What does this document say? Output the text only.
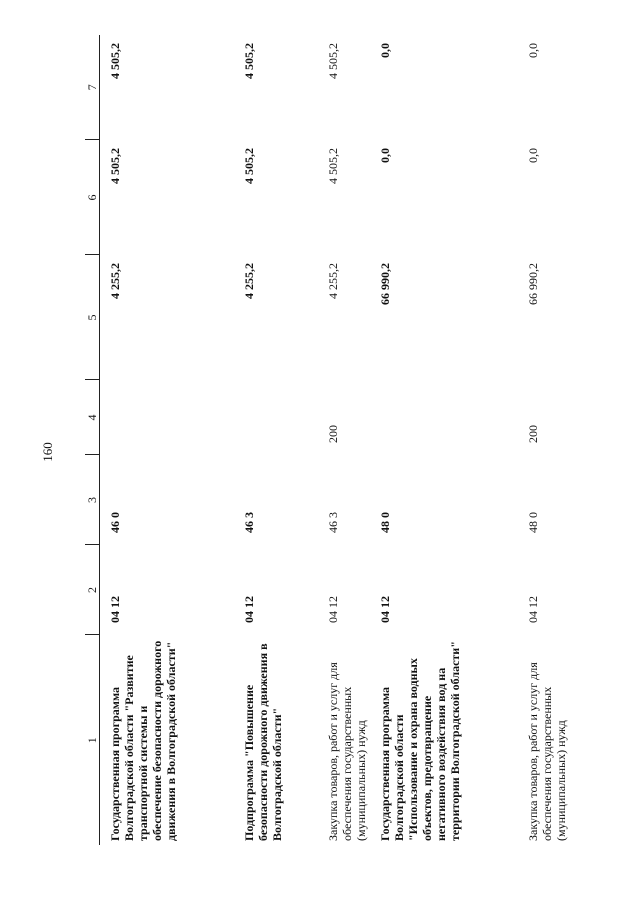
160
1	2	3	4	5	6	7
Государственная программа Волгоградской области "Развитие транспортной системы и обеспечение безопасности дорожного движения в Волгоградской области"	04 12	46 0		4 255,2	4 505,2	4 505,2
Подпрограмма "Повышение безопасности дорожного движения в Волгоградской области"	04 12	46 3		4 255,2	4 505,2	4 505,2
Закупка товаров, работ и услуг для обеспечения государственных (муниципальных) нужд	04 12	46 3	200	4 255,2	4 505,2	4 505,2
Государственная программа Волгоградской области "Использование и охрана водных объектов, предотвращение негативного воздействия вод на территории Волгоградской области"	04 12	48 0		66 990,2	0,0	0,0
Закупка товаров, работ и услуг для обеспечения государственных (муниципальных) нужд	04 12	48 0	200	66 990,2	0,0	0,0
